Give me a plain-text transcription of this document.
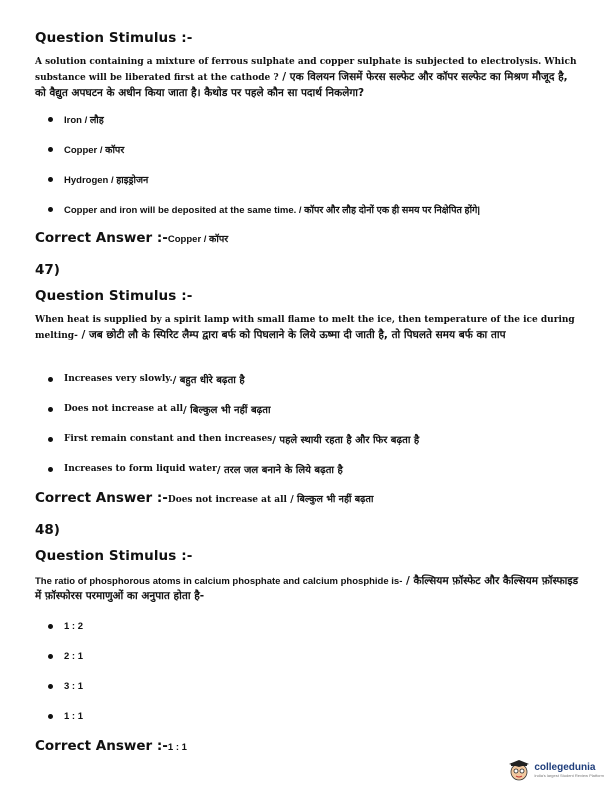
Question Stimulus :-
A solution containing a mixture of ferrous sulphate and copper sulphate is subjected to electrolysis. Which substance will be liberated first at the cathode ? / एक विलयन जिसमें फेरस सल्फेट और कॉपर सल्फेट का मिश्रण मौजूद है, को वैद्युत अपघटन के अधीन किया जाता है। कैथोड पर पहले कौन सा पदार्थ निकलेगा?
Iron / लौह
Copper / कॉपर
Hydrogen / हाइड्रोजन
Copper and iron will be deposited at the same time. / कॉपर और लौह दोनों एक ही समय पर निक्षेपित होंगे|
Correct Answer :-Copper / कॉपर
47)
Question Stimulus :-
When heat is supplied by a spirit lamp with small flame to melt the ice, then temperature of the ice during melting- / जब छोटी लौ के स्पिरिट लैम्प द्वारा बर्फ को पिघलाने के लिये ऊष्मा दी जाती है, तो पिघलते समय बर्फ का ताप
Increases very slowly. / बहुत धीरे बढ़ता है
Does not increase at all / बिल्कुल भी नहीं बढ़ता
First remain constant and then increases / पहले स्थायी रहता है और फिर बढ़ता है
Increases to form liquid water / तरल जल बनाने के लिये बढ़ता है
Correct Answer :-Does not increase at all / बिल्कुल भी नहीं बढ़ता
48)
Question Stimulus :-
The ratio of phosphorous atoms in calcium phosphate and calcium phosphide is- / कैल्सियम फ़ॉस्फेट और कैल्सियम फ़ॉस्फाइड में फ़ॉस्फोरस परमाणुओं का अनुपात होता है-
1 : 2
2 : 1
3 : 1
1 : 1
Correct Answer :-1 : 1
collegedunia
India's largest Student Review Platform
